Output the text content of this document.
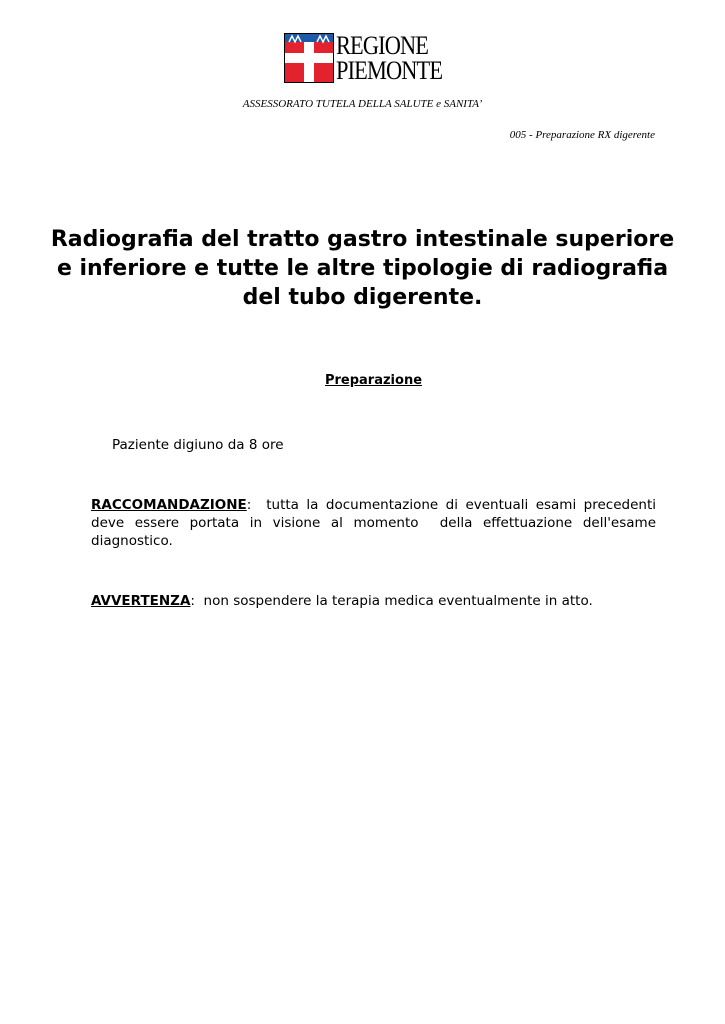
REGIONE
PIEMONTE
ASSESSORATO TUTELA DELLA SALUTE e SANITA’
005 - Preparazione RX digerente
Radiografia del tratto gastro intestinale superiore e inferiore e tutte le altre tipologie di radiografia del tubo digerente.
Preparazione
Paziente digiuno da 8 ore

RACCOMANDAZIONE:  tutta la documentazione di eventuali esami precedenti deve essere portata in visione al momento  della effettuazione dell'esame diagnostico.

AVVERTENZA:  non sospendere la terapia medica eventualmente in atto.
